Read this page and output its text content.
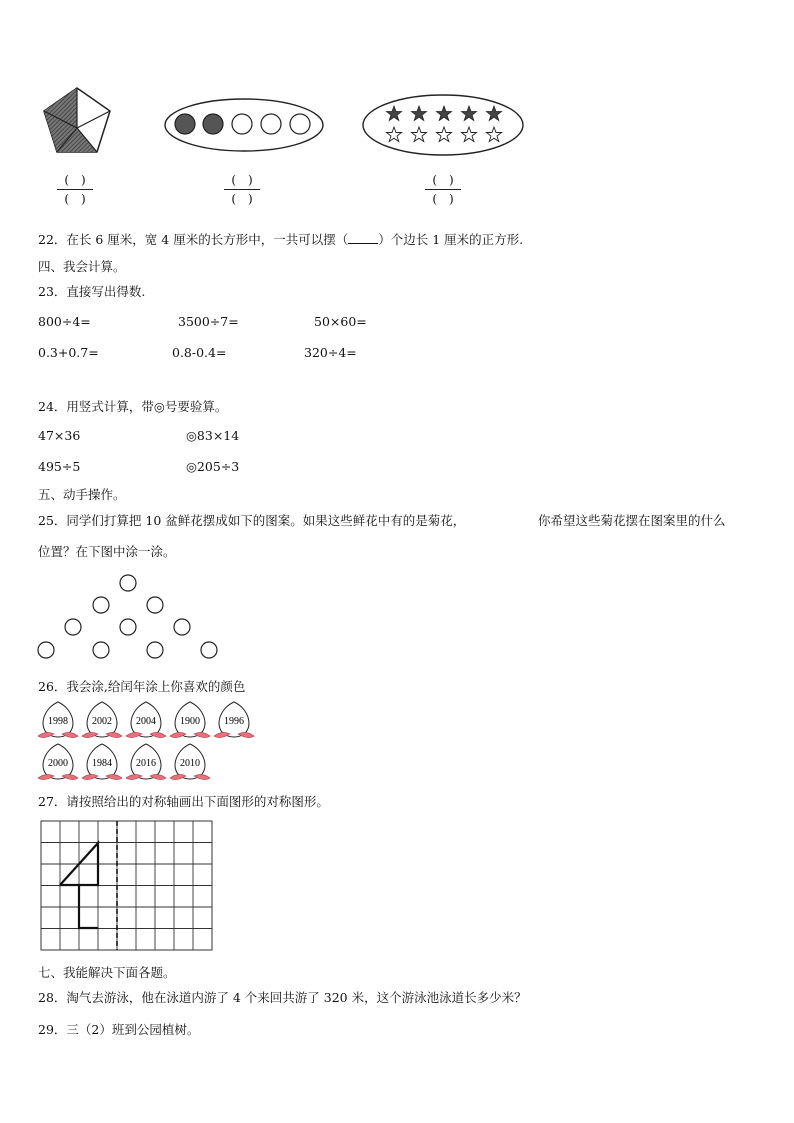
(　)
(　)
(　)
(　)
(　)
(　)
22．在长 6 厘米，宽 4 厘米的长方形中，一共可以摆（ ）个边长 1 厘米的正方形.
四、我会计算。
23．直接写出得数.
800÷4=	3500÷7=	50×60=
0.3+0.7=	0.8-0.4=	320÷4=
24．用竖式计算，带◎号要验算。
47×36	◎83×14
495÷5	◎205÷3
五、动手操作。
25．同学们打算把 10 盆鲜花摆成如下的图案。如果这些鲜花中有的是菊花，	你希望这些菊花摆在图案里的什么
位置？在下图中涂一涂。
26．我会涂,给闰年涂上你喜欢的颜色
1998 2002 2004 1900 1996
2000 1984 2016 2010
27．请按照给出的对称轴画出下面图形的对称图形。
七、我能解决下面各题。
28．淘气去游泳，他在泳道内游了 4 个来回共游了 320 米，这个游泳池泳道长多少米？
29．三（2）班到公园植树。
